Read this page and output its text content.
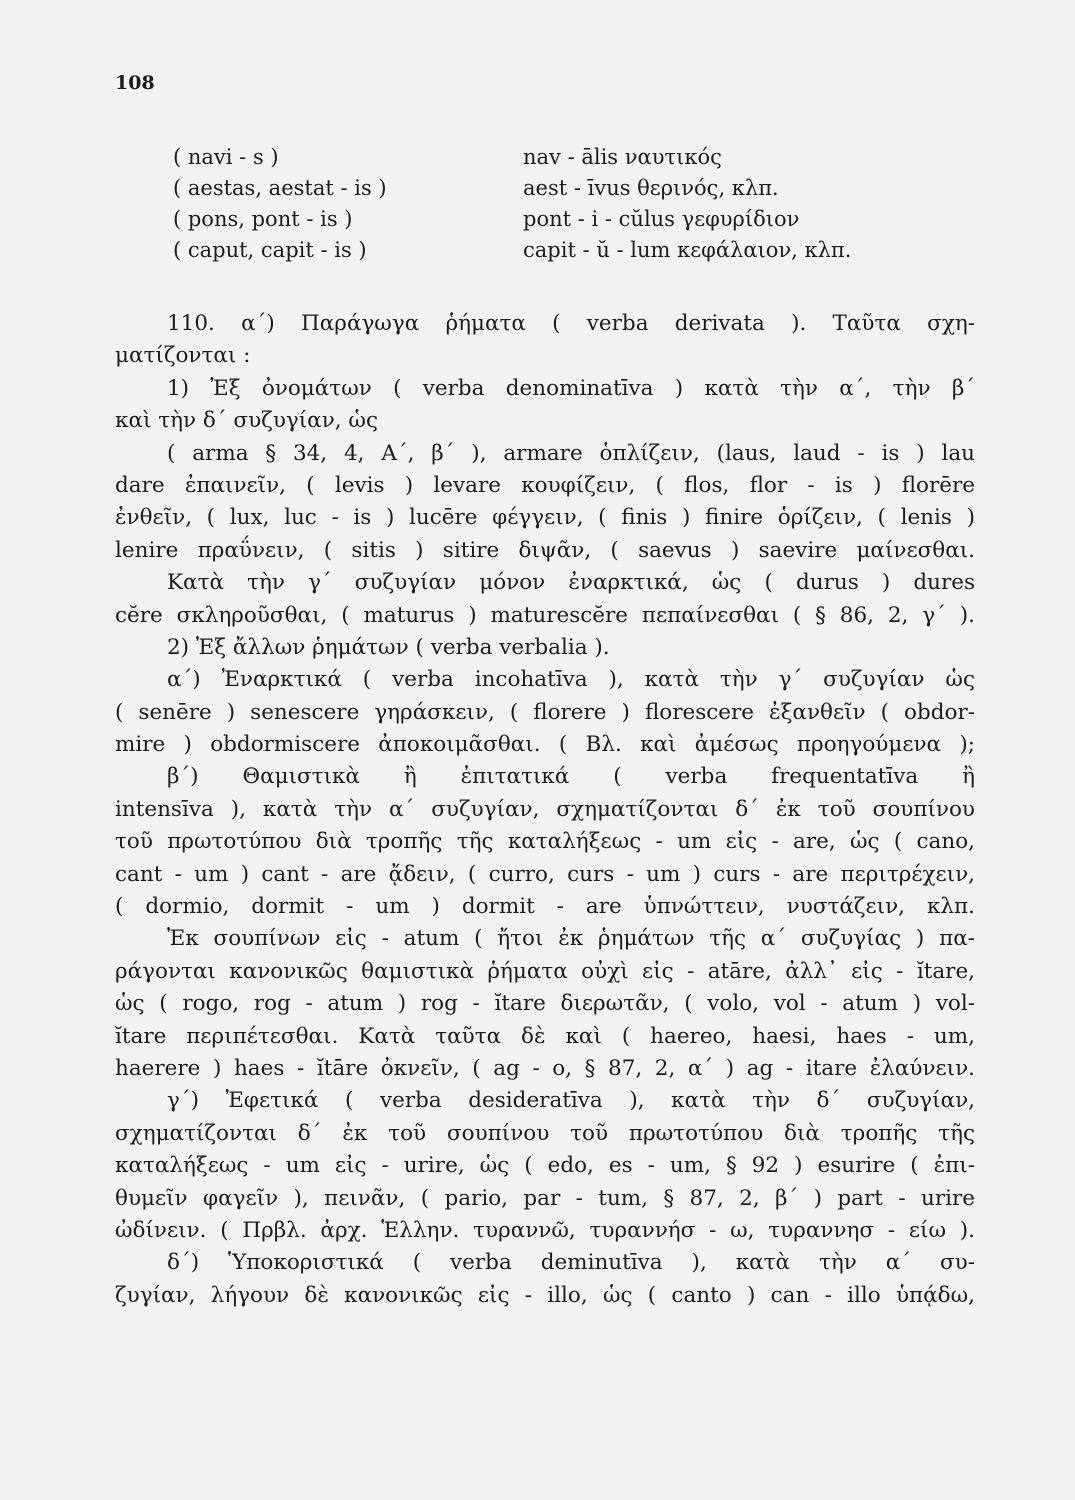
108
( navi - s )	nav - ālis ναυτικός
( aestas, aestat - is )	aest - īvus θερινός, κλπ.
( pons, pont - is )	pont - i - cŭlus γεφυρίδιον
( caput, capit - is )	capit - ŭ - lum κεφάλαιον, κλπ.
110. α΄) Παράγωγα ῥήματα ( verba derivata ). Ταῦτα σχη-
ματίζονται :
1) Ἐξ ὀνομάτων ( verba denominatīva ) κατὰ τὴν α΄, τὴν β΄
καὶ τὴν δ΄ συζυγίαν, ὡς
( arma § 34, 4, Α΄, β΄ ), armare ὁπλίζειν, (laus, laud - is ) lau
dare ἐπαινεῖν, ( levis ) levare κουφίζειν, ( flos, flor - is ) florēre
ἐνθεῖν, ( lux, luc - is ) lucēre φέγγειν, ( finis ) finire ὁρίζειν, ( lenis )
lenire πραΰνειν, ( sitis ) sitire διψᾶν, ( saevus ) saevire μαίνεσθαι.
Κατὰ τὴν γ΄ συζυγίαν μόνον ἐναρκτικά, ὡς ( durus ) dures
cĕre σκληροῦσθαι, ( maturus ) maturescĕre πεπαίνεσθαι ( § 86, 2, γ΄ ).
2) Ἐξ ἄλλων ῥημάτων ( verba verbalia ).
α΄) Ἐναρκτικά ( verba incohatīva ), κατὰ τὴν γ΄ συζυγίαν ὡς
( senēre ) senescere γηράσκειν, ( florere ) florescere ἐξανθεῖν ( obdor-
mire ) obdormiscere ἀποκοιμᾶσθαι. ( Βλ. καὶ ἀμέσως προηγούμενα );
β΄) Θαμιστικὰ ἢ ἐπιτατικά ( verba frequentatīva ἢ
intensīva ), κατὰ τὴν α΄ συζυγίαν, σχηματίζονται δ΄ ἐκ τοῦ σουπίνου
τοῦ πρωτοτύπου διὰ τροπῆς τῆς καταλήξεως - um εἰς - are, ὡς ( cano,
cant - um ) cant - are ᾄδειν, ( curro, curs - um ) curs - are περιτρέχειν,
( dormio, dormit - um ) dormit - are ὑπνώττειν, νυστάζειν, κλπ.
Ἐκ σουπίνων εἰς - atum ( ἤτοι ἐκ ῥημάτων τῆς α΄ συζυγίας ) πα-
ράγονται κανονικῶς θαμιστικὰ ῥήματα οὐχὶ εἰς - atāre, ἀλλ᾽ εἰς - ĭtare,
ὡς ( rogo, rog - atum ) rog - ĭtare διερωτᾶν, ( volo, vol - atum ) vol-
ĭtare περιπέτεσθαι. Κατὰ ταῦτα δὲ καὶ ( haereo, haesi, haes - um,
haerere ) haes - ĭtāre ὀκνεῖν, ( ag - o, § 87, 2, α΄ ) ag - itare ἐλαύνειν.
γ΄) Ἐφετικά ( verba desideratīva ), κατὰ τὴν δ΄ συζυγίαν,
σχηματίζονται δ΄ ἐκ τοῦ σουπίνου τοῦ πρωτοτύπου διὰ τροπῆς τῆς
καταλήξεως - um εἰς - urire, ὡς ( edo, es - um, § 92 ) esurire ( ἐπι-
θυμεῖν φαγεῖν ), πεινᾶν, ( pario, par - tum, § 87, 2, β΄ ) part - urire
ὠδίνειν. ( Πρβλ. ἀρχ. Ἑλλην. τυραννῶ, τυραννήσ - ω, τυραννησ - είω ).
δ΄) Ὑποκοριστικά ( verba deminutīva ), κατὰ τὴν α΄ συ-
ζυγίαν, λήγουν δὲ κανονικῶς εἰς - illo, ὡς ( canto ) can - illo ὑπᾴδω,
